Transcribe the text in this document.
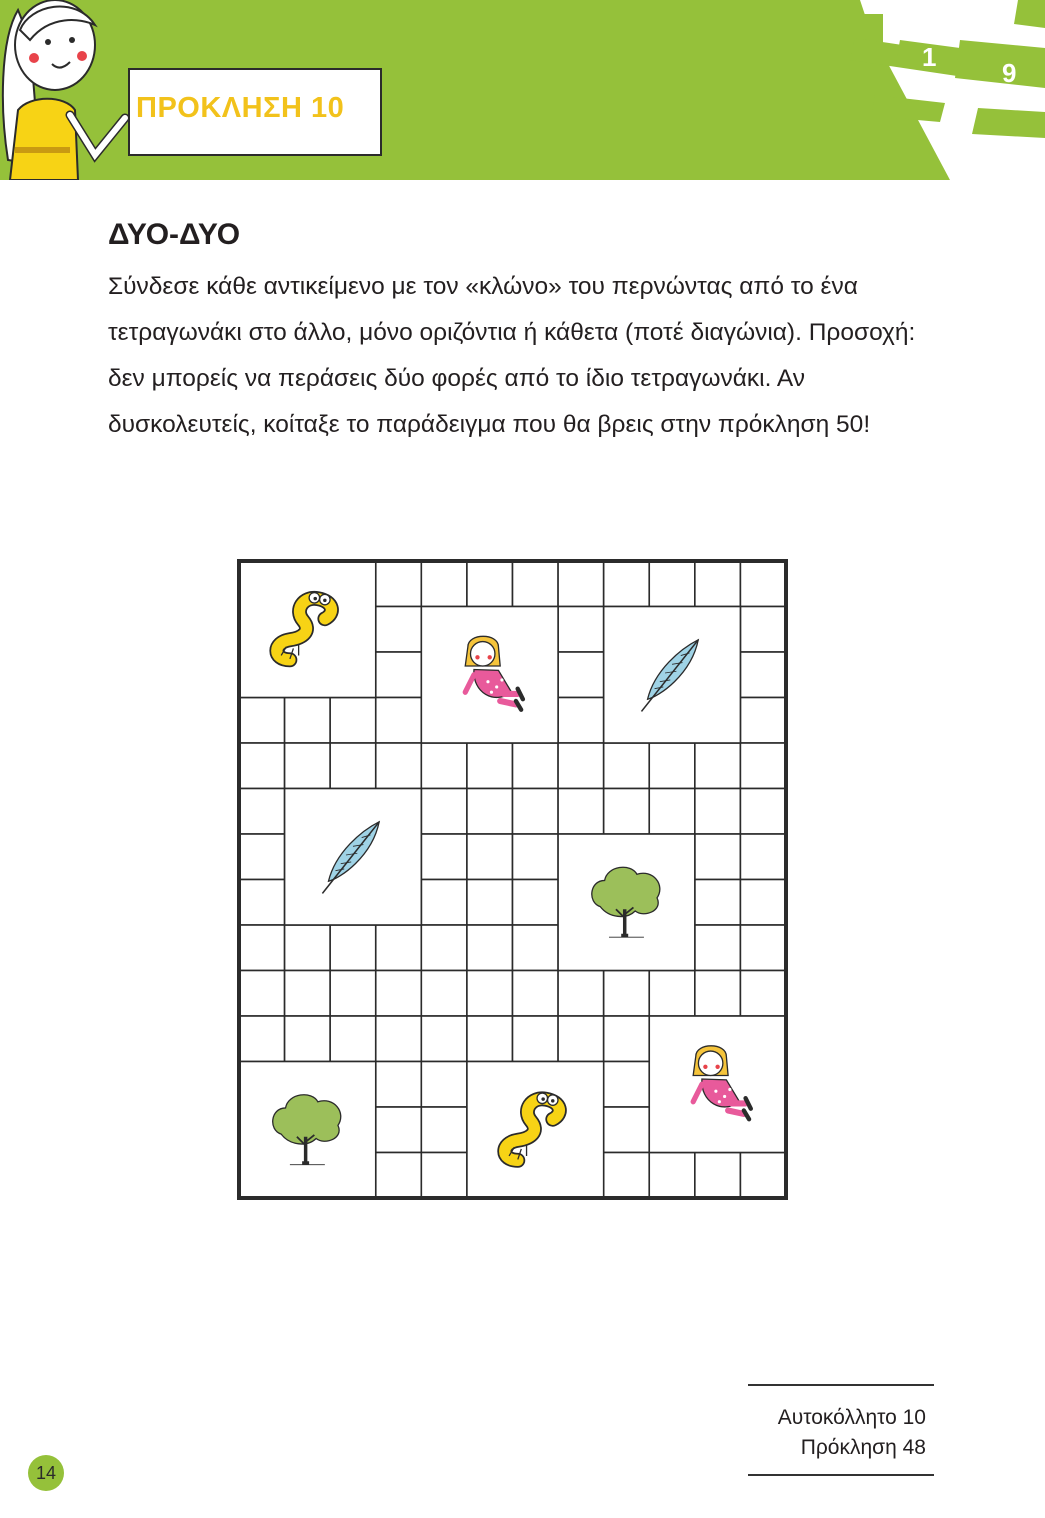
ΠΡΟΚΛΗΣΗ 10
1
9
ΔΥΟ-ΔΥΟ

Σύνδεσε κάθε αντικείμενο με τον «κλώνο» του περνώντας από το ένα τετραγωνάκι στο άλλο, μόνο οριζόντια ή κάθετα (ποτέ διαγώνια). Προσοχή: δεν μπορείς να περάσεις δύο φορές από το ίδιο τετραγωνάκι. Αν δυσκολευτείς, κοίταξε το παράδειγμα που θα βρεις στην πρόκληση 50!

Αυτοκόλλητο 10
Πρόκληση 48
14
